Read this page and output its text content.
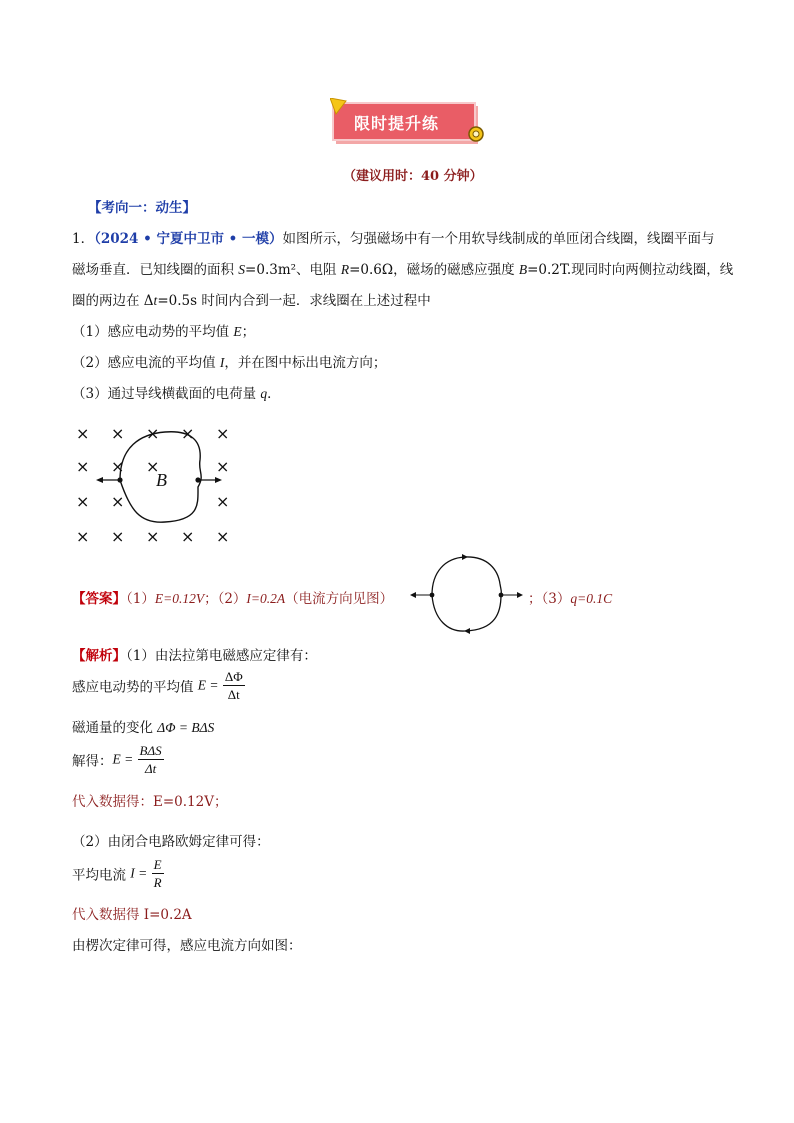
限时提升练
（建议用时：40 分钟）
【考向一：动生】
1．（2024 • 宁夏中卫市 • 一模）如图所示，匀强磁场中有一个用软导线制成的单匝闭合线圈，线圈平面与
磁场垂直．已知线圈的面积 S=0.3m²、电阻 R=0.6Ω，磁场的磁感应强度 B=0.2T.现同时向两侧拉动线圈，线
圈的两边在 Δt=0.5s 时间内合到一起．求线圈在上述过程中
（1）感应电动势的平均值 E；
（2）感应电流的平均值 I，并在图中标出电流方向；
（3）通过导线横截面的电荷量 q．
× × × × ×
× × ×	×
× ×	×
× × × × ×
B
【答案】（1）E=0.12V；（2）I=0.2A（电流方向见图）	；（3）q=0.1C
【解析】（1）由法拉第电磁感应定律有：
感应电动势的平均值 $E = \frac{\Delta\Phi}{\Delta t}$
磁通量的变化 ΔΦ = BΔS
解得：$E = \frac{\text{BΔS}}{\Delta t}$
代入数据得：E=0.12V；
（2）由闭合电路欧姆定律可得：
平均电流 $I = \frac{E}{R}$
代入数据得 I=0.2A
由楞次定律可得，感应电流方向如图：
